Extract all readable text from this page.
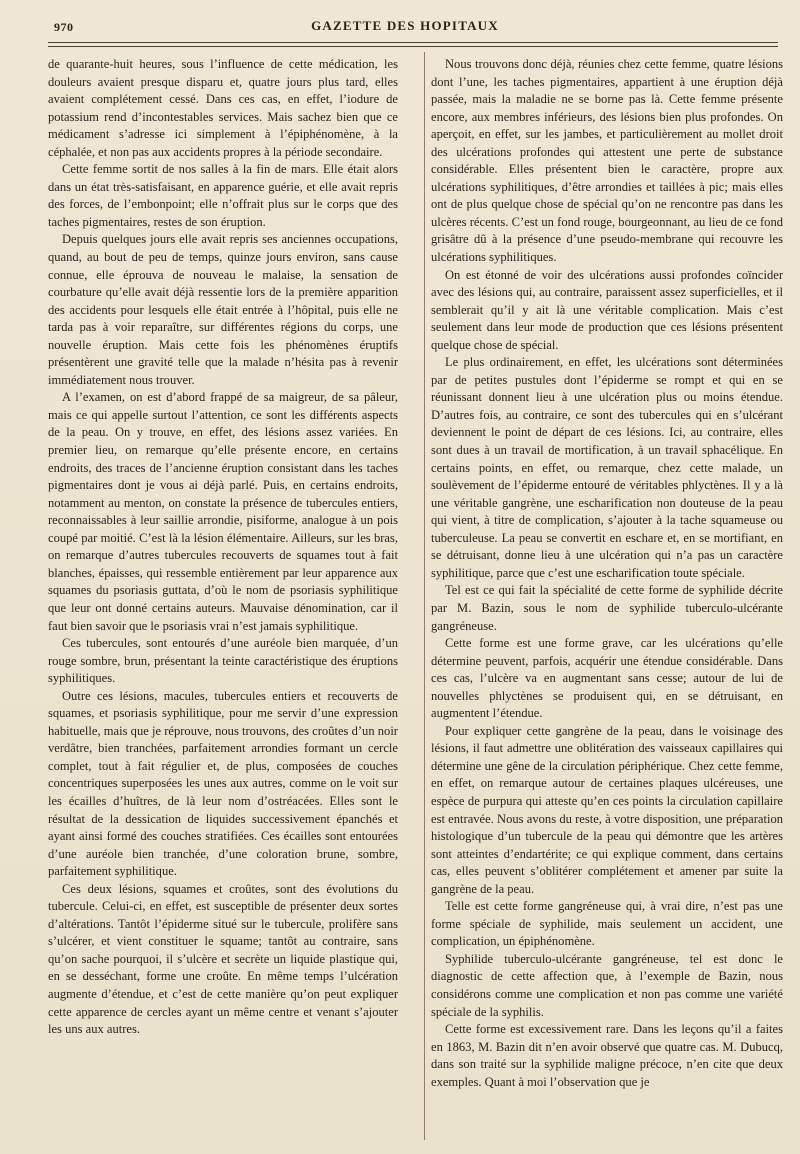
970	GAZETTE DES HOPITAUX

de quarante-huit heures, sous l’influence de cette médication, les douleurs avaient presque disparu et, quatre jours plus tard, elles avaient complétement cessé. Dans ces cas, en effet, l’iodure de potassium rend d’incontestables services. Mais sachez bien que ce médicament s’adresse ici simplement à l’épiphénomène, à la céphalée, et non pas aux accidents propres à la période secondaire.

Cette femme sortit de nos salles à la fin de mars. Elle était alors dans un état très-satisfaisant, en apparence guérie, et elle avait repris des forces, de l’embonpoint; elle n’offrait plus sur le corps que des taches pigmentaires, restes de son éruption.

Depuis quelques jours elle avait repris ses anciennes occupations, quand, au bout de peu de temps, quinze jours environ, sans cause connue, elle éprouva de nouveau le malaise, la sensation de courbature qu’elle avait déjà ressentie lors de la première apparition des accidents pour lesquels elle était entrée à l’hôpital, puis elle ne tarda pas à voir reparaître, sur différentes régions du corps, une nouvelle éruption. Mais cette fois les phénomènes éruptifs présentèrent une gravité telle que la malade n’hésita pas à revenir immédiatement nous trouver.

A l’examen, on est d’abord frappé de sa maigreur, de sa pâleur, mais ce qui appelle surtout l’attention, ce sont les différents aspects de la peau. On y trouve, en effet, des lésions assez variées. En premier lieu, on remarque qu’elle présente encore, en certains endroits, des traces de l’ancienne éruption consistant dans les taches pigmentaires dont je vous ai déjà parlé. Puis, en certains endroits, notamment au menton, on constate la présence de tubercules entiers, reconnaissables à leur saillie arrondie, pisiforme, analogue à un pois coupé par moitié. C’est là la lésion élémentaire. Ailleurs, sur les bras, on remarque d’autres tubercules recouverts de squames tout à fait blanches, épaisses, qui ressemble entièrement par leur apparence aux squames du psoriasis guttata, d’où le nom de psoriasis syphilitique que leur ont donné certains auteurs. Mauvaise dénomination, car il faut bien savoir que le psoriasis vrai n’est jamais syphilitique.

Ces tubercules, sont entourés d’une auréole bien marquée, d’un rouge sombre, brun, présentant la teinte caractéristique des éruptions syphilitiques.

Outre ces lésions, macules, tubercules entiers et recouverts de squames, et psoriasis syphilitique, pour me servir d’une expression habituelle, mais que je réprouve, nous trouvons, des croûtes d’un noir verdâtre, bien tranchées, parfaitement arrondies formant un cercle complet, tout à fait régulier et, de plus, composées de couches concentriques superposées les unes aux autres, comme on le voit sur les écailles d’huîtres, de là leur nom d’ostréacées. Elles sont le résultat de la dessication de liquides successivement épanchés et ayant ainsi formé des couches stratifiées. Ces écailles sont entourées d’une auréole bien tranchée, d’une coloration brune, sombre, parfaitement syphilitique.

Ces deux lésions, squames et croûtes, sont des évolutions du tubercule. Celui-ci, en effet, est susceptible de présenter deux sortes d’altérations. Tantôt l’épiderme situé sur le tubercule, prolifère sans s’ulcérer, et vient constituer le squame; tantôt au contraire, sans qu’on sache pourquoi, il s’ulcère et secrète un liquide plastique qui, en se desséchant, forme une croûte. En même temps l’ulcération augmente d’étendue, et c’est de cette manière qu’on peut expliquer cette apparence de cercles ayant un même centre et venant s’ajouter les uns aux autres.

Nous trouvons donc déjà, réunies chez cette femme, quatre lésions dont l’une, les taches pigmentaires, appartient à une éruption déjà passée, mais la maladie ne se borne pas là. Cette femme présente encore, aux membres inférieurs, des lésions bien plus profondes. On aperçoit, en effet, sur les jambes, et particulièrement au mollet droit des ulcérations profondes qui attestent une perte de substance considérable. Elles présentent bien le caractère, propre aux ulcérations syphilitiques, d’être arrondies et taillées à pic; mais elles ont de plus quelque chose de spécial qu’on ne rencontre pas dans les ulcères récents. C’est un fond rouge, bourgeonnant, au lieu de ce fond grisâtre dû à la présence d’une pseudo-membrane qui recouvre les ulcérations syphilitiques.

On est étonné de voir des ulcérations aussi profondes coïncider avec des lésions qui, au contraire, paraissent assez superficielles, et il semblerait qu’il y ait là une véritable complication. Mais c’est seulement dans leur mode de production que ces lésions présentent quelque chose de spécial.

Le plus ordinairement, en effet, les ulcérations sont déterminées par de petites pustules dont l’épiderme se rompt et qui en se réunissant donnent lieu à une ulcération plus ou moins étendue. D’autres fois, au contraire, ce sont des tubercules qui en s’ulcérant deviennent le point de départ de ces lésions. Ici, au contraire, elles sont dues à un travail de mortification, à un travail sphacélique. En certains points, en effet, ou remarque, chez cette malade, un soulèvement de l’épiderme entouré de véritables phlyctènes. Il y a là une véritable gangrène, une escharification non douteuse de la peau qui vient, à titre de complication, s’ajouter à la tache squameuse ou tuberculeuse. La peau se convertit en eschare et, en se mortifiant, en se détruisant, donne lieu à une ulcération qui n’a pas un caractère syphilitique, parce que c’est une escharification toute spéciale.

Tel est ce qui fait la spécialité de cette forme de syphilide décrite par M. Bazin, sous le nom de syphilide tuberculo-ulcérante gangréneuse.

Cette forme est une forme grave, car les ulcérations qu’elle détermine peuvent, parfois, acquérir une étendue considérable. Dans ces cas, l’ulcère va en augmentant sans cesse; autour de lui de nouvelles phlyctènes se produisent qui, en se détruisant, en augmentent l’étendue.

Pour expliquer cette gangrène de la peau, dans le voisinage des lésions, il faut admettre une oblitération des vaisseaux capillaires qui détermine une gêne de la circulation périphérique. Chez cette femme, en effet, on remarque autour de certaines plaques ulcéreuses, une espèce de purpura qui atteste qu’en ces points la circulation capillaire est entravée. Nous avons du reste, à votre disposition, une préparation histologique d’un tubercule de la peau qui démontre que les artères sont atteintes d’endartérite; ce qui explique comment, dans certains cas, elles peuvent s’oblitérer complétement et amener par suite la gangrène de la peau.

Telle est cette forme gangréneuse qui, à vrai dire, n’est pas une forme spéciale de syphilide, mais seulement un accident, une complication, un épiphénomène.

Syphilide tuberculo-ulcérante gangréneuse, tel est donc le diagnostic de cette affection que, à l’exemple de Bazin, nous considérons comme une complication et non pas comme une variété spéciale de la syphilis.

Cette forme est excessivement rare. Dans les leçons qu’il a faites en 1863, M. Bazin dit n’en avoir observé que quatre cas. M. Dubucq, dans son traité sur la syphilide maligne précoce, n’en cite que deux exemples. Quant à moi l’observation que je
